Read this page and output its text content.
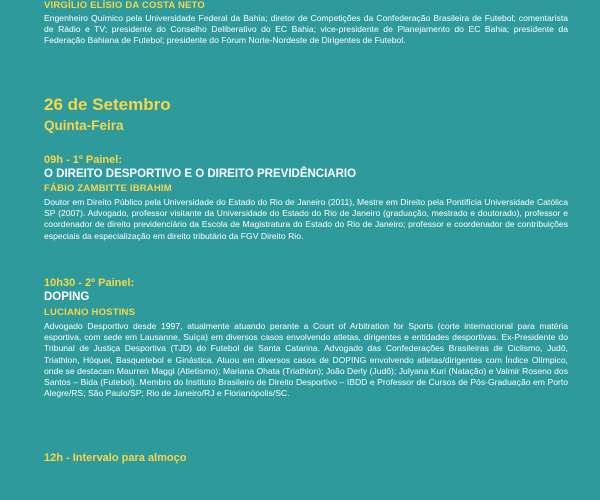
VIRGÍLIO ELÍSIO DA COSTA NETO
Engenheiro Químico pela Universidade Federal da Bahia; diretor de Competições da Confederação Brasileira de Futebol; comentarista de Rádio e TV; presidente do Conselho Deliberativo do EC Bahia; vice-presidente de Planejamento do EC Bahia; presidente da Federação Bahiana de Futebol; presidente do Fórum Norte-Nordeste de Dirigentes de Futebol.
26 de Setembro
Quinta-Feira
09h - 1º Painel:
O DIREITO DESPORTIVO E O DIREITO PREVIDÊNCIARIO
FÁBIO ZAMBITTE IBRAHIM
Doutor em Direito Público pela Universidade do Estado do Rio de Janeiro (2011), Mestre em Direito pela Pontifícia Universidade Católica SP (2007). Advogado, professor visitante da Universidade do Estado do Rio de Janeiro (graduação, mestrado e doutorado), professor e coordenador de direito previdenciário da Escola de Magistratura do Estado do Rio de Janeiro; professor e coordenador de contribuições especiais da especialização em direito tributário da FGV Direito Rio.
10h30 - 2º Painel:
DOPING
LUCIANO HOSTINS
Advogado Desportivo desde 1997, atualmente atuando perante a Court of Arbitration for Sports (corte internacional para matéria esportiva, com sede em Lausanne, Suíça) em diversos casos envolvendo atletas, dirigentes e entidades desportivas. Ex-Presidente do Tribunal de Justiça Desportiva (TJD) do Futebol de Santa Catarina. Advogado das Confederações Brasileiras de Ciclismo, Judô, Triathlon, Hóquei, Basquetebol e Ginástica. Atuou em diversos casos de DOPING envolvendo atletas/dirigentes com Índice Olímpico, onde se destacam Maurren Maggi (Atletismo); Mariana Ohata (Triathlon); João Derly (Judô); Julyana Kuri (Natação) e Valmir Roseno dos Santos – Bida (Futebol). Membro do Instituto Brasileiro de Direito Desportivo – IBDD e Professor de Cursos de Pós-Graduação em Porto Alegre/RS; São Paulo/SP; Rio de Janeiro/RJ e Florianópolis/SC.
12h - Intervalo para almoço
